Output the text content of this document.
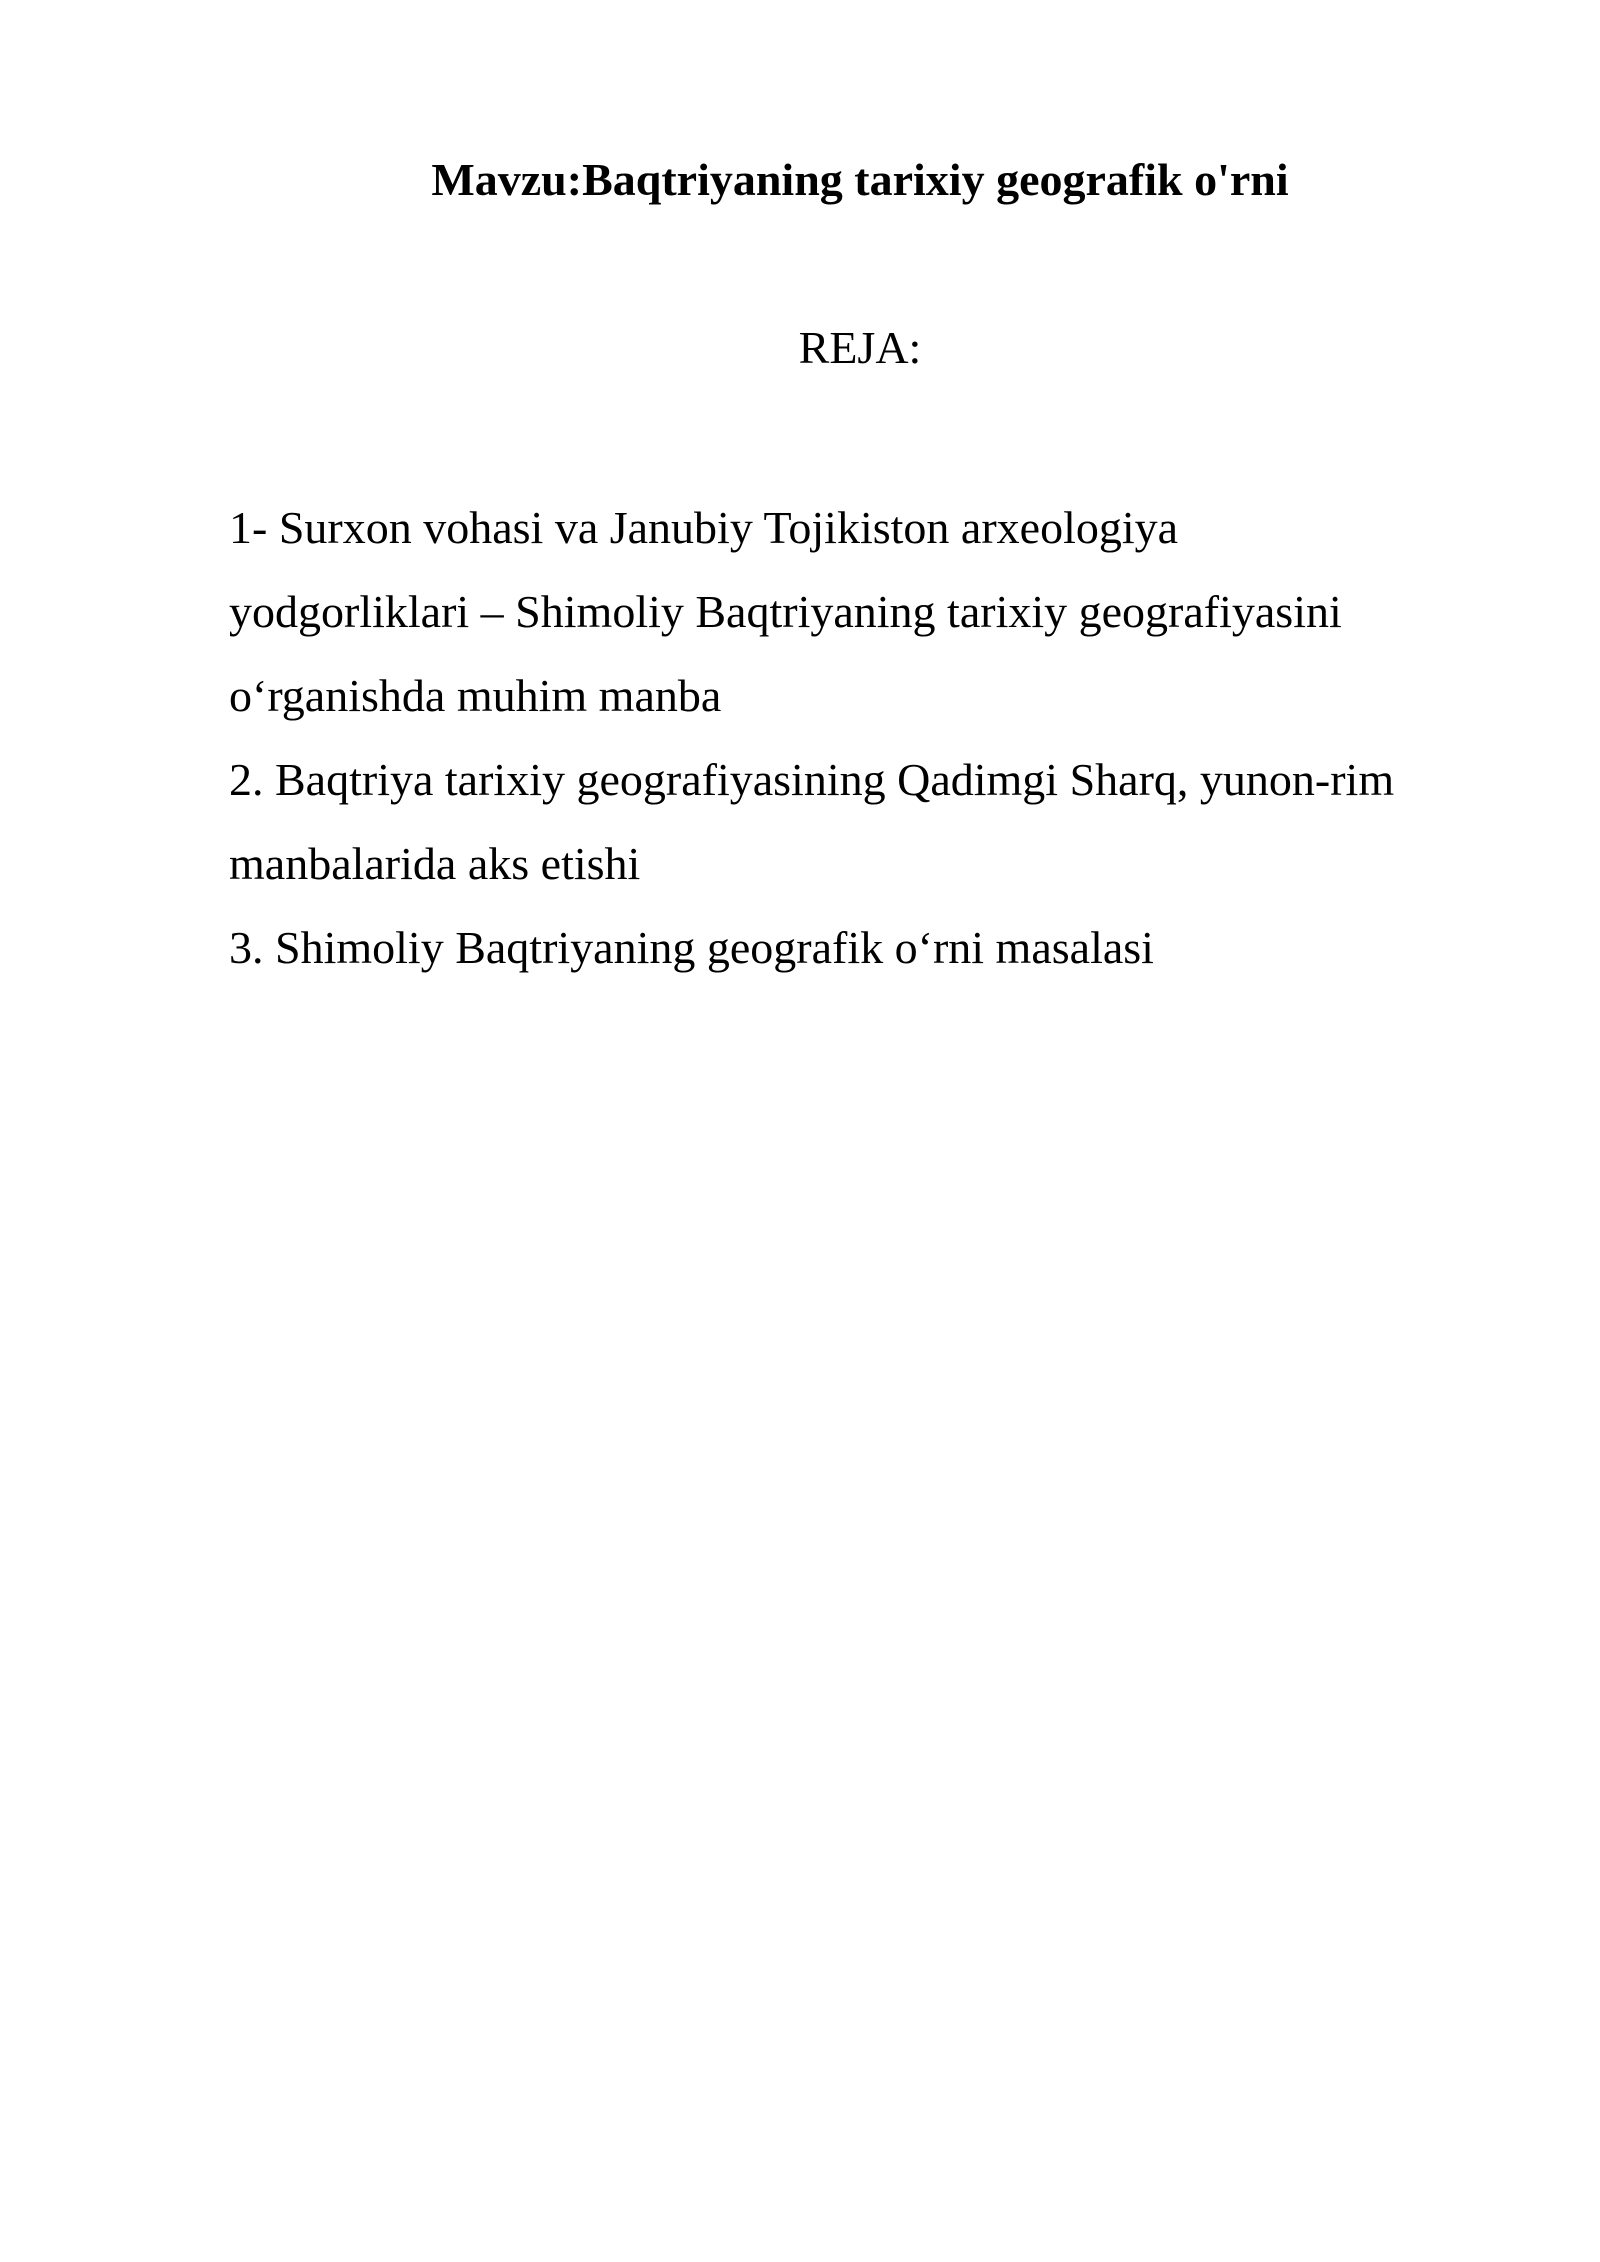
Mavzu:Baqtriyaning tarixiy geografik o'rni
REJA:
1- Surxon vohasi va Janubiy Tojikiston arxeologiya
yodgorliklari – Shimoliy Baqtriyaning tarixiy geografiyasini
o‘rganishda muhim manba
2. Baqtriya tarixiy geografiyasining Qadimgi Sharq, yunon-rim
manbalarida aks etishi
3. Shimoliy Baqtriyaning geografik o‘rni masalasi
